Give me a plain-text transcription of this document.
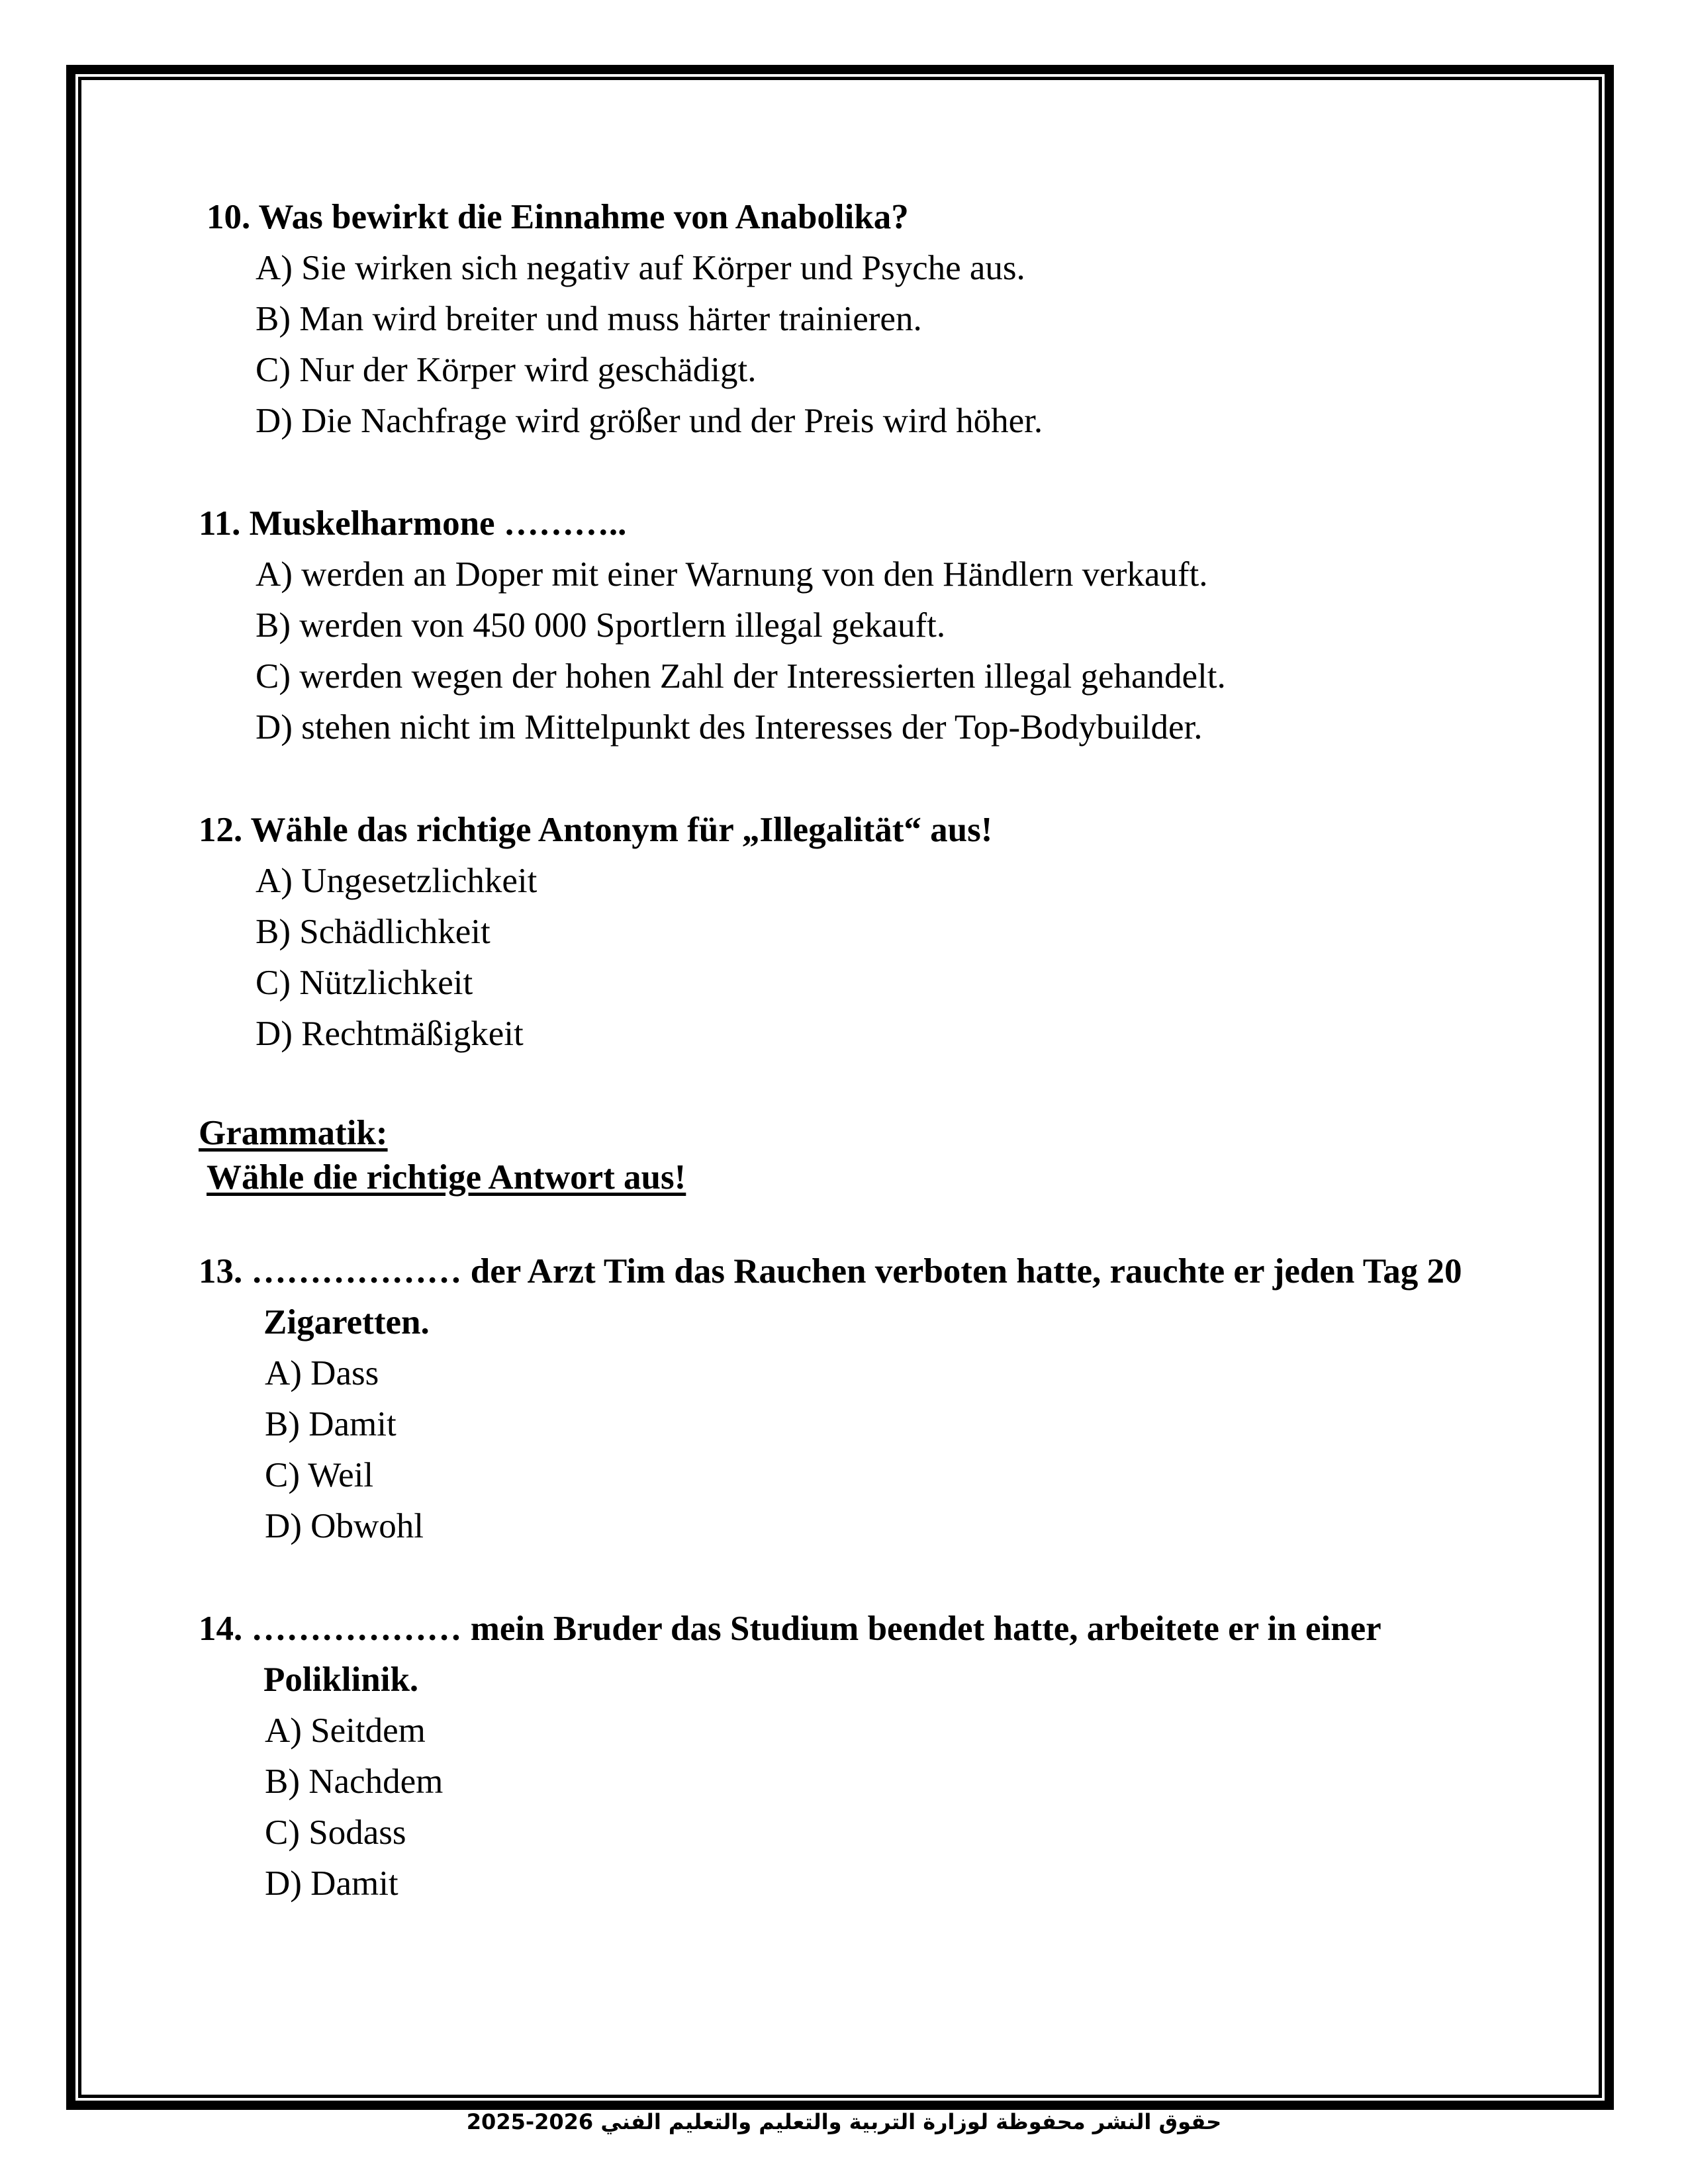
10. Was bewirkt die Einnahme von Anabolika?
A) Sie wirken sich negativ auf Körper und Psyche aus.
B) Man wird breiter und muss härter trainieren.
C) Nur der Körper wird geschädigt.
D) Die Nachfrage wird größer und der Preis wird höher.
11. Muskelharmone ………..
A) werden an Doper mit einer Warnung von den Händlern verkauft.
B) werden von 450 000 Sportlern illegal gekauft.
C) werden wegen der hohen Zahl der Interessierten illegal gehandelt.
D) stehen nicht im Mittelpunkt des Interesses der Top-Bodybuilder.
12. Wähle das richtige Antonym für „Illegalität“ aus!
A) Ungesetzlichkeit
B) Schädlichkeit
C) Nützlichkeit
D) Rechtmäßigkeit
Grammatik:
Wähle die richtige Antwort aus!
13. ……………… der Arzt Tim das Rauchen verboten hatte, rauchte er jeden Tag 20 Zigaretten.
A) Dass
B) Damit
C) Weil
D) Obwohl
14. ……………… mein Bruder das Studium beendet hatte, arbeitete er in einer Poliklinik.
A) Seitdem
B) Nachdem
C) Sodass
D) Damit
حقوق النشر محفوظة لوزارة التربية والتعليم والتعليم الفني 2026-2025
